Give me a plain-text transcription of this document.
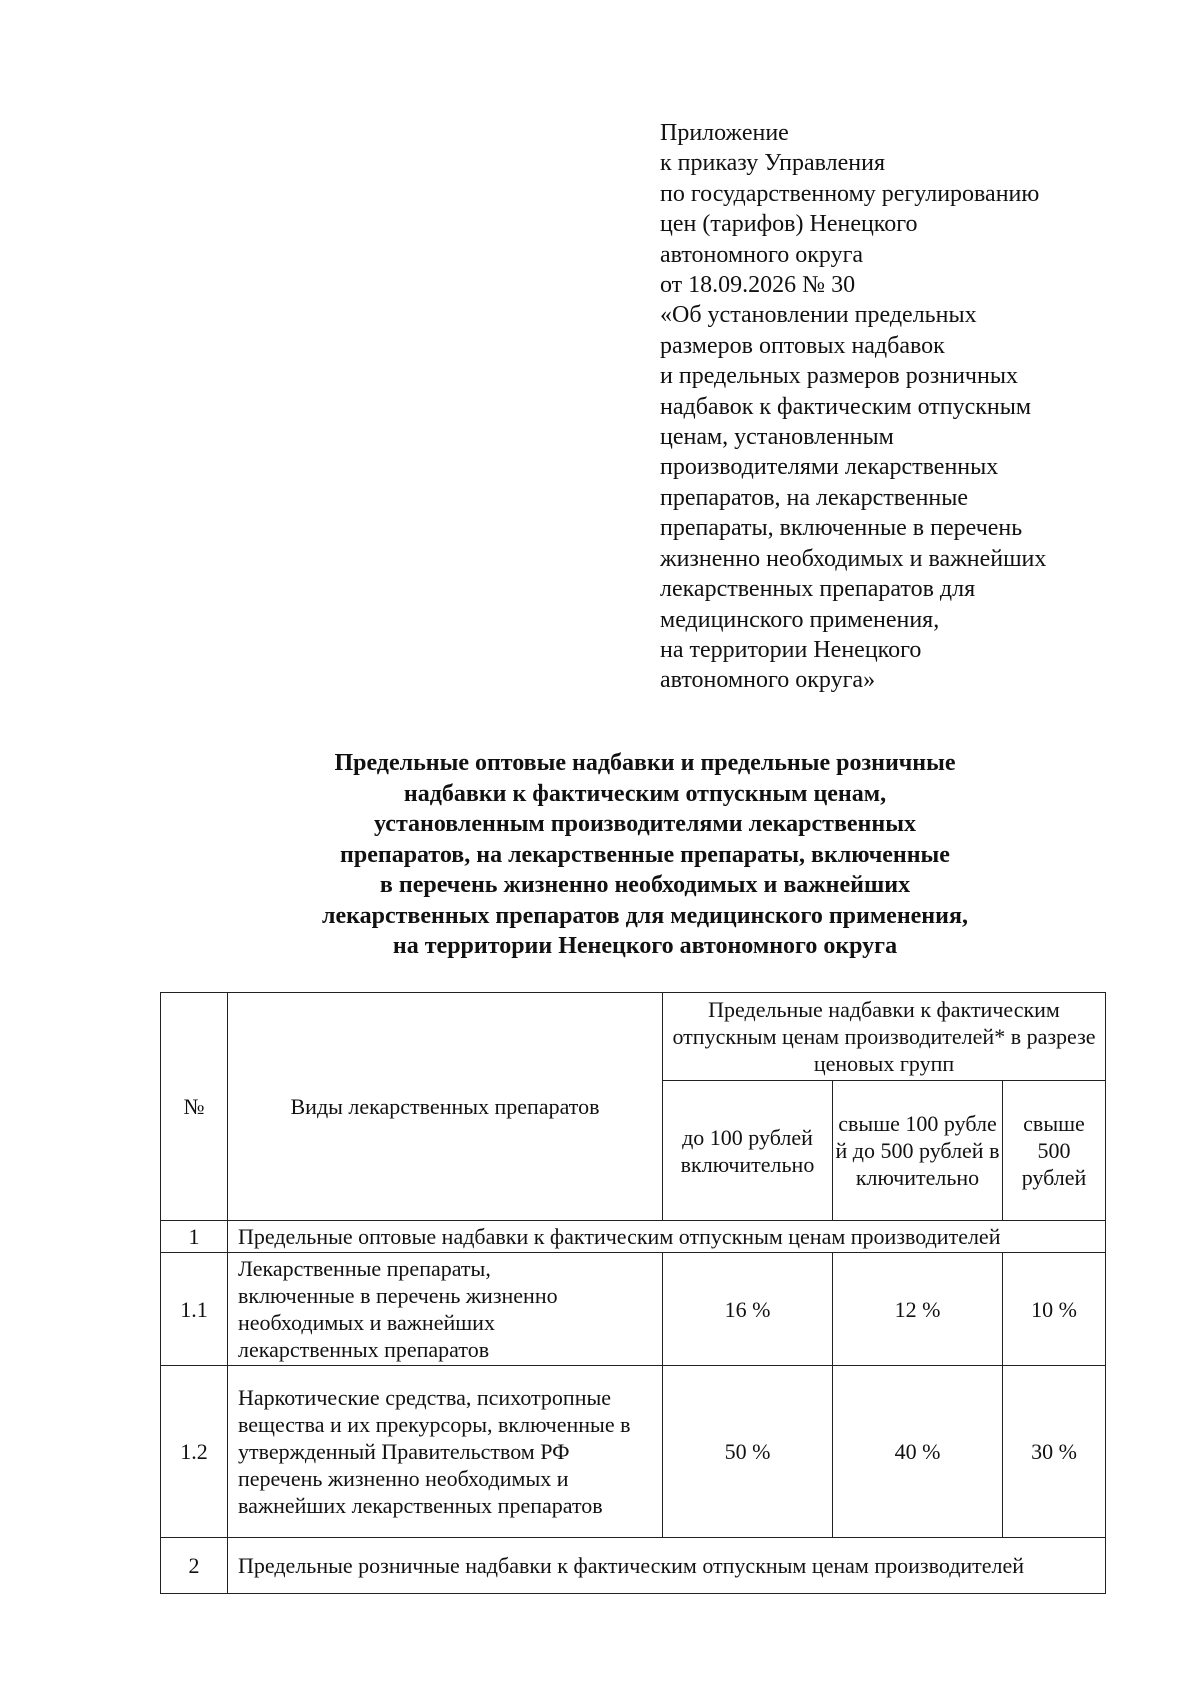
Приложение
к приказу Управления
по государственному регулированию
цен (тарифов) Ненецкого
автономного округа
от 18.09.2026 № 30
«Об установлении предельных
размеров оптовых надбавок
и предельных размеров розничных
надбавок к фактическим отпускным
ценам, установленным
производителями лекарственных
препаратов, на лекарственные
препараты, включенные в перечень
жизненно необходимых и важнейших
лекарственных препаратов для
медицинского применения,
на территории Ненецкого
автономного округа»
Предельные оптовые надбавки и предельные розничные
надбавки к фактическим отпускным ценам,
установленным производителями лекарственных
препаратов, на лекарственные препараты, включенные
в перечень жизненно необходимых и важнейших
лекарственных препаратов для медицинского применения,
на территории Ненецкого автономного округа
№	Виды лекарственных препаратов	Предельные надбавки к фактическим отпускным ценам производителей* в разрезе ценовых групп		
		до 100 рублей включительно	свыше 100 рублей до 500 рублей включительно	свыше 500 рублей
1	Предельные оптовые надбавки к фактическим отпускным ценам производителей			
1.1	Лекарственные препараты, включенные в перечень жизненно необходимых и важнейших лекарственных препаратов	16 %	12 %	10 %
1.2	Наркотические средства, психотропные вещества и их прекурсоры, включенные в утвержденный Правительством РФ перечень жизненно необходимых и важнейших лекарственных препаратов	50 %	40 %	30 %
2	Предельные розничные надбавки к фактическим отпускным ценам производителей			
